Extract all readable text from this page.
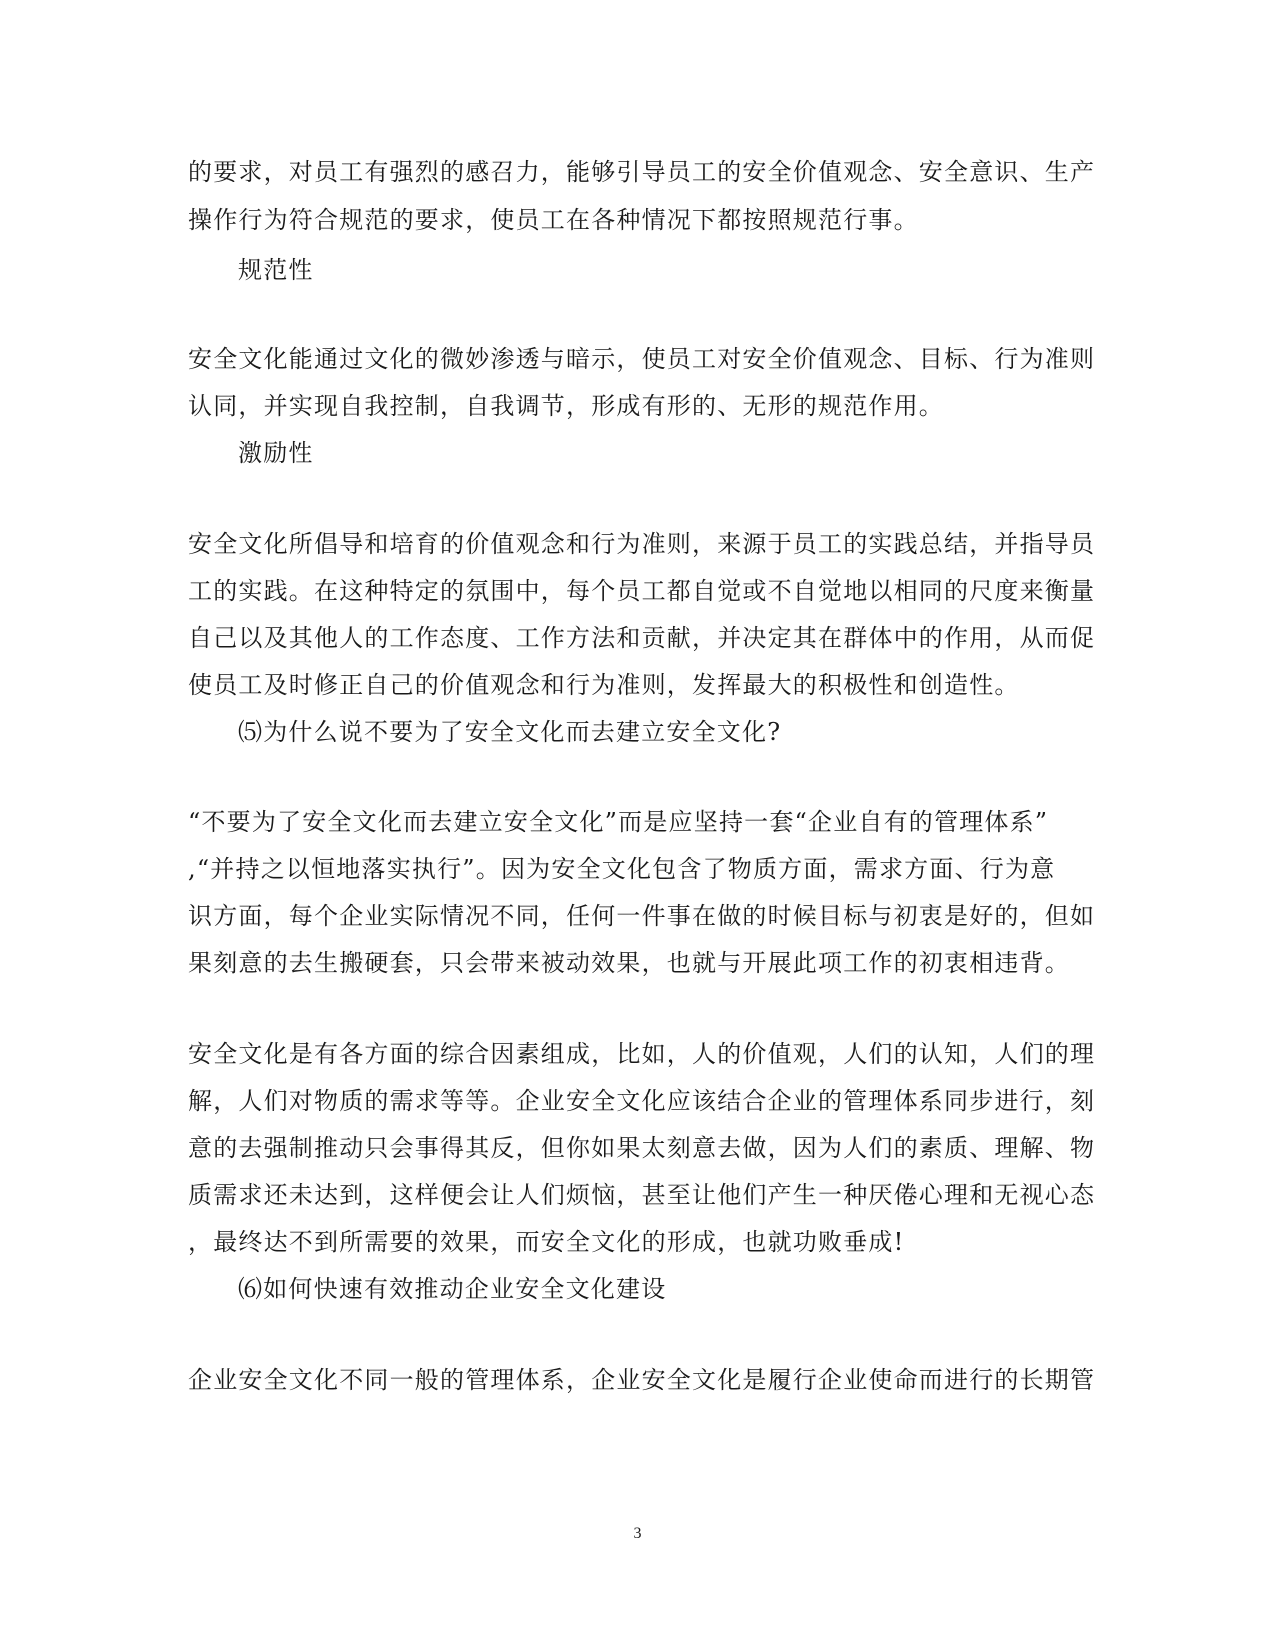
的要求，对员工有强烈的感召力，能够引导员工的安全价值观念、安全意识、生产
操作行为符合规范的要求，使员工在各种情况下都按照规范行事。
规范性
安全文化能通过文化的微妙渗透与暗示，使员工对安全价值观念、目标、行为准则
认同，并实现自我控制，自我调节，形成有形的、无形的规范作用。
激励性
安全文化所倡导和培育的价值观念和行为准则，来源于员工的实践总结，并指导员
工的实践。在这种特定的氛围中，每个员工都自觉或不自觉地以相同的尺度来衡量
自己以及其他人的工作态度、工作方法和贡献，并决定其在群体中的作用，从而促
使员工及时修正自己的价值观念和行为准则，发挥最大的积极性和创造性。
⑸为什么说不要为了安全文化而去建立安全文化?
“不要为了安全文化而去建立安全文化”而是应坚持一套“企业自有的管理体系”
,“并持之以恒地落实执行”。因为安全文化包含了物质方面，需求方面、行为意
识方面，每个企业实际情况不同，任何一件事在做的时候目标与初衷是好的，但如
果刻意的去生搬硬套，只会带来被动效果，也就与开展此项工作的初衷相违背。
安全文化是有各方面的综合因素组成，比如，人的价值观，人们的认知，人们的理
解，人们对物质的需求等等。企业安全文化应该结合企业的管理体系同步进行，刻
意的去强制推动只会事得其反，但你如果太刻意去做，因为人们的素质、理解、物
质需求还未达到，这样便会让人们烦恼，甚至让他们产生一种厌倦心理和无视心态
，最终达不到所需要的效果，而安全文化的形成，也就功败垂成!
⑹如何快速有效推动企业安全文化建设
企业安全文化不同一般的管理体系，企业安全文化是履行企业使命而进行的长期管
3
